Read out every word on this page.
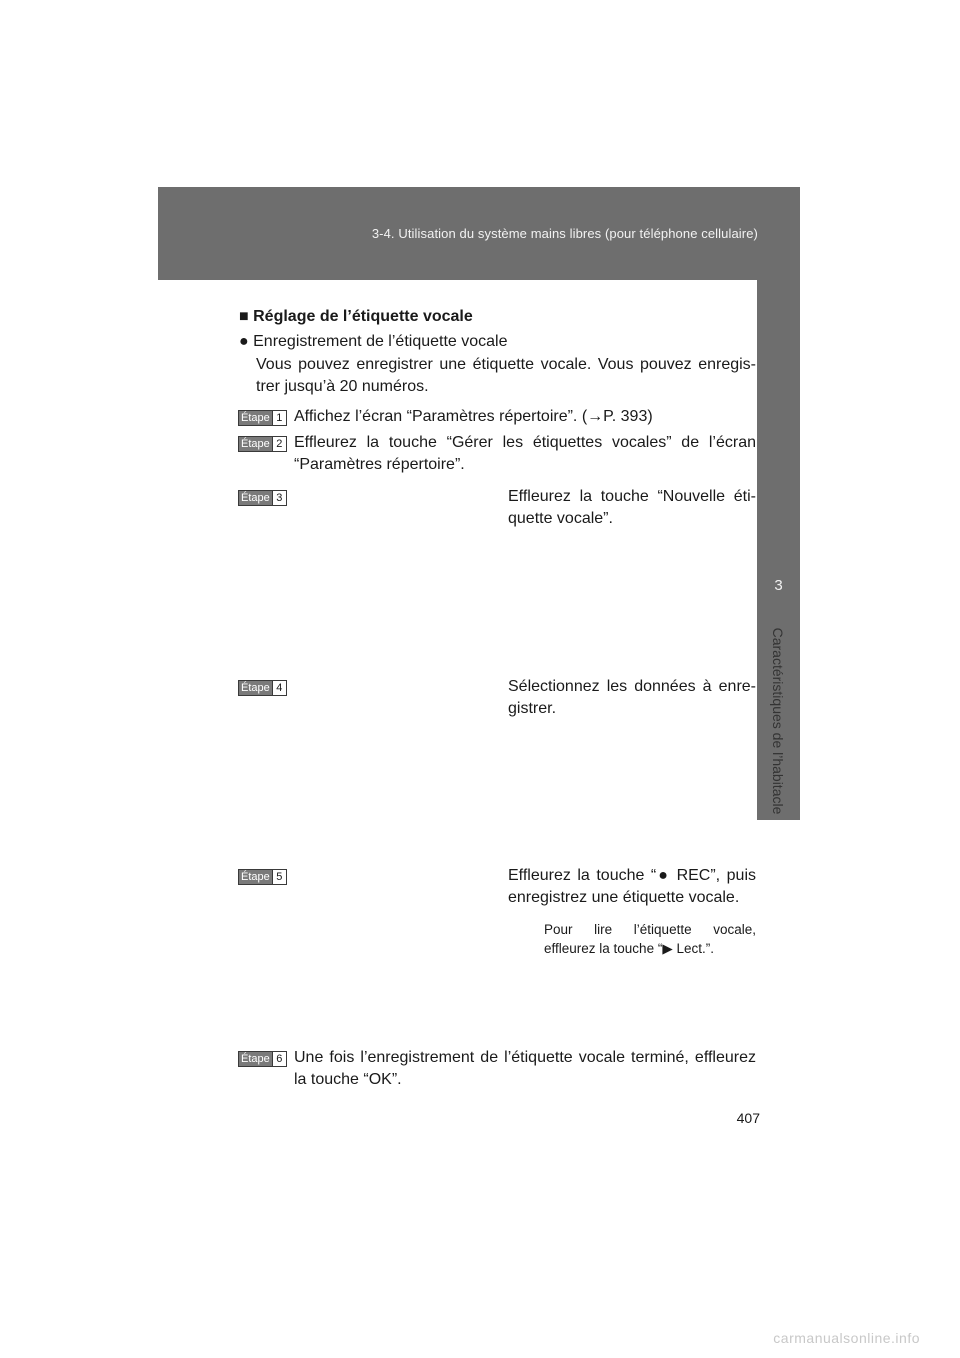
3-4. Utilisation du système mains libres (pour téléphone cellulaire)
3
Caractéristiques de l’habitacle
■ Réglage de l’étiquette vocale
● Enregistrement de l’étiquette vocale
Vous pouvez enregistrer une étiquette vocale. Vous pouvez enregis-trer jusqu’à 20 numéros.
Étape 1 Affichez l’écran “Paramètres répertoire”. (→P. 393)
Étape 2 Effleurez la touche “Gérer les étiquettes vocales” de l’écran “Paramètres répertoire”.
Étape 3	Effleurez la touche “Nouvelle éti-quette vocale”.
Étape 4	Sélectionnez les données à enre-gistrer.
Étape 5	Effleurez la touche “● REC”, puis enregistrez une étiquette vocale.
Pour lire l’étiquette vocale, effleurez la touche “▶ Lect.”.
Étape 6 Une fois l’enregistrement de l’étiquette vocale terminé, effleurez la touche “OK”.
407
carmanualsonline.info
